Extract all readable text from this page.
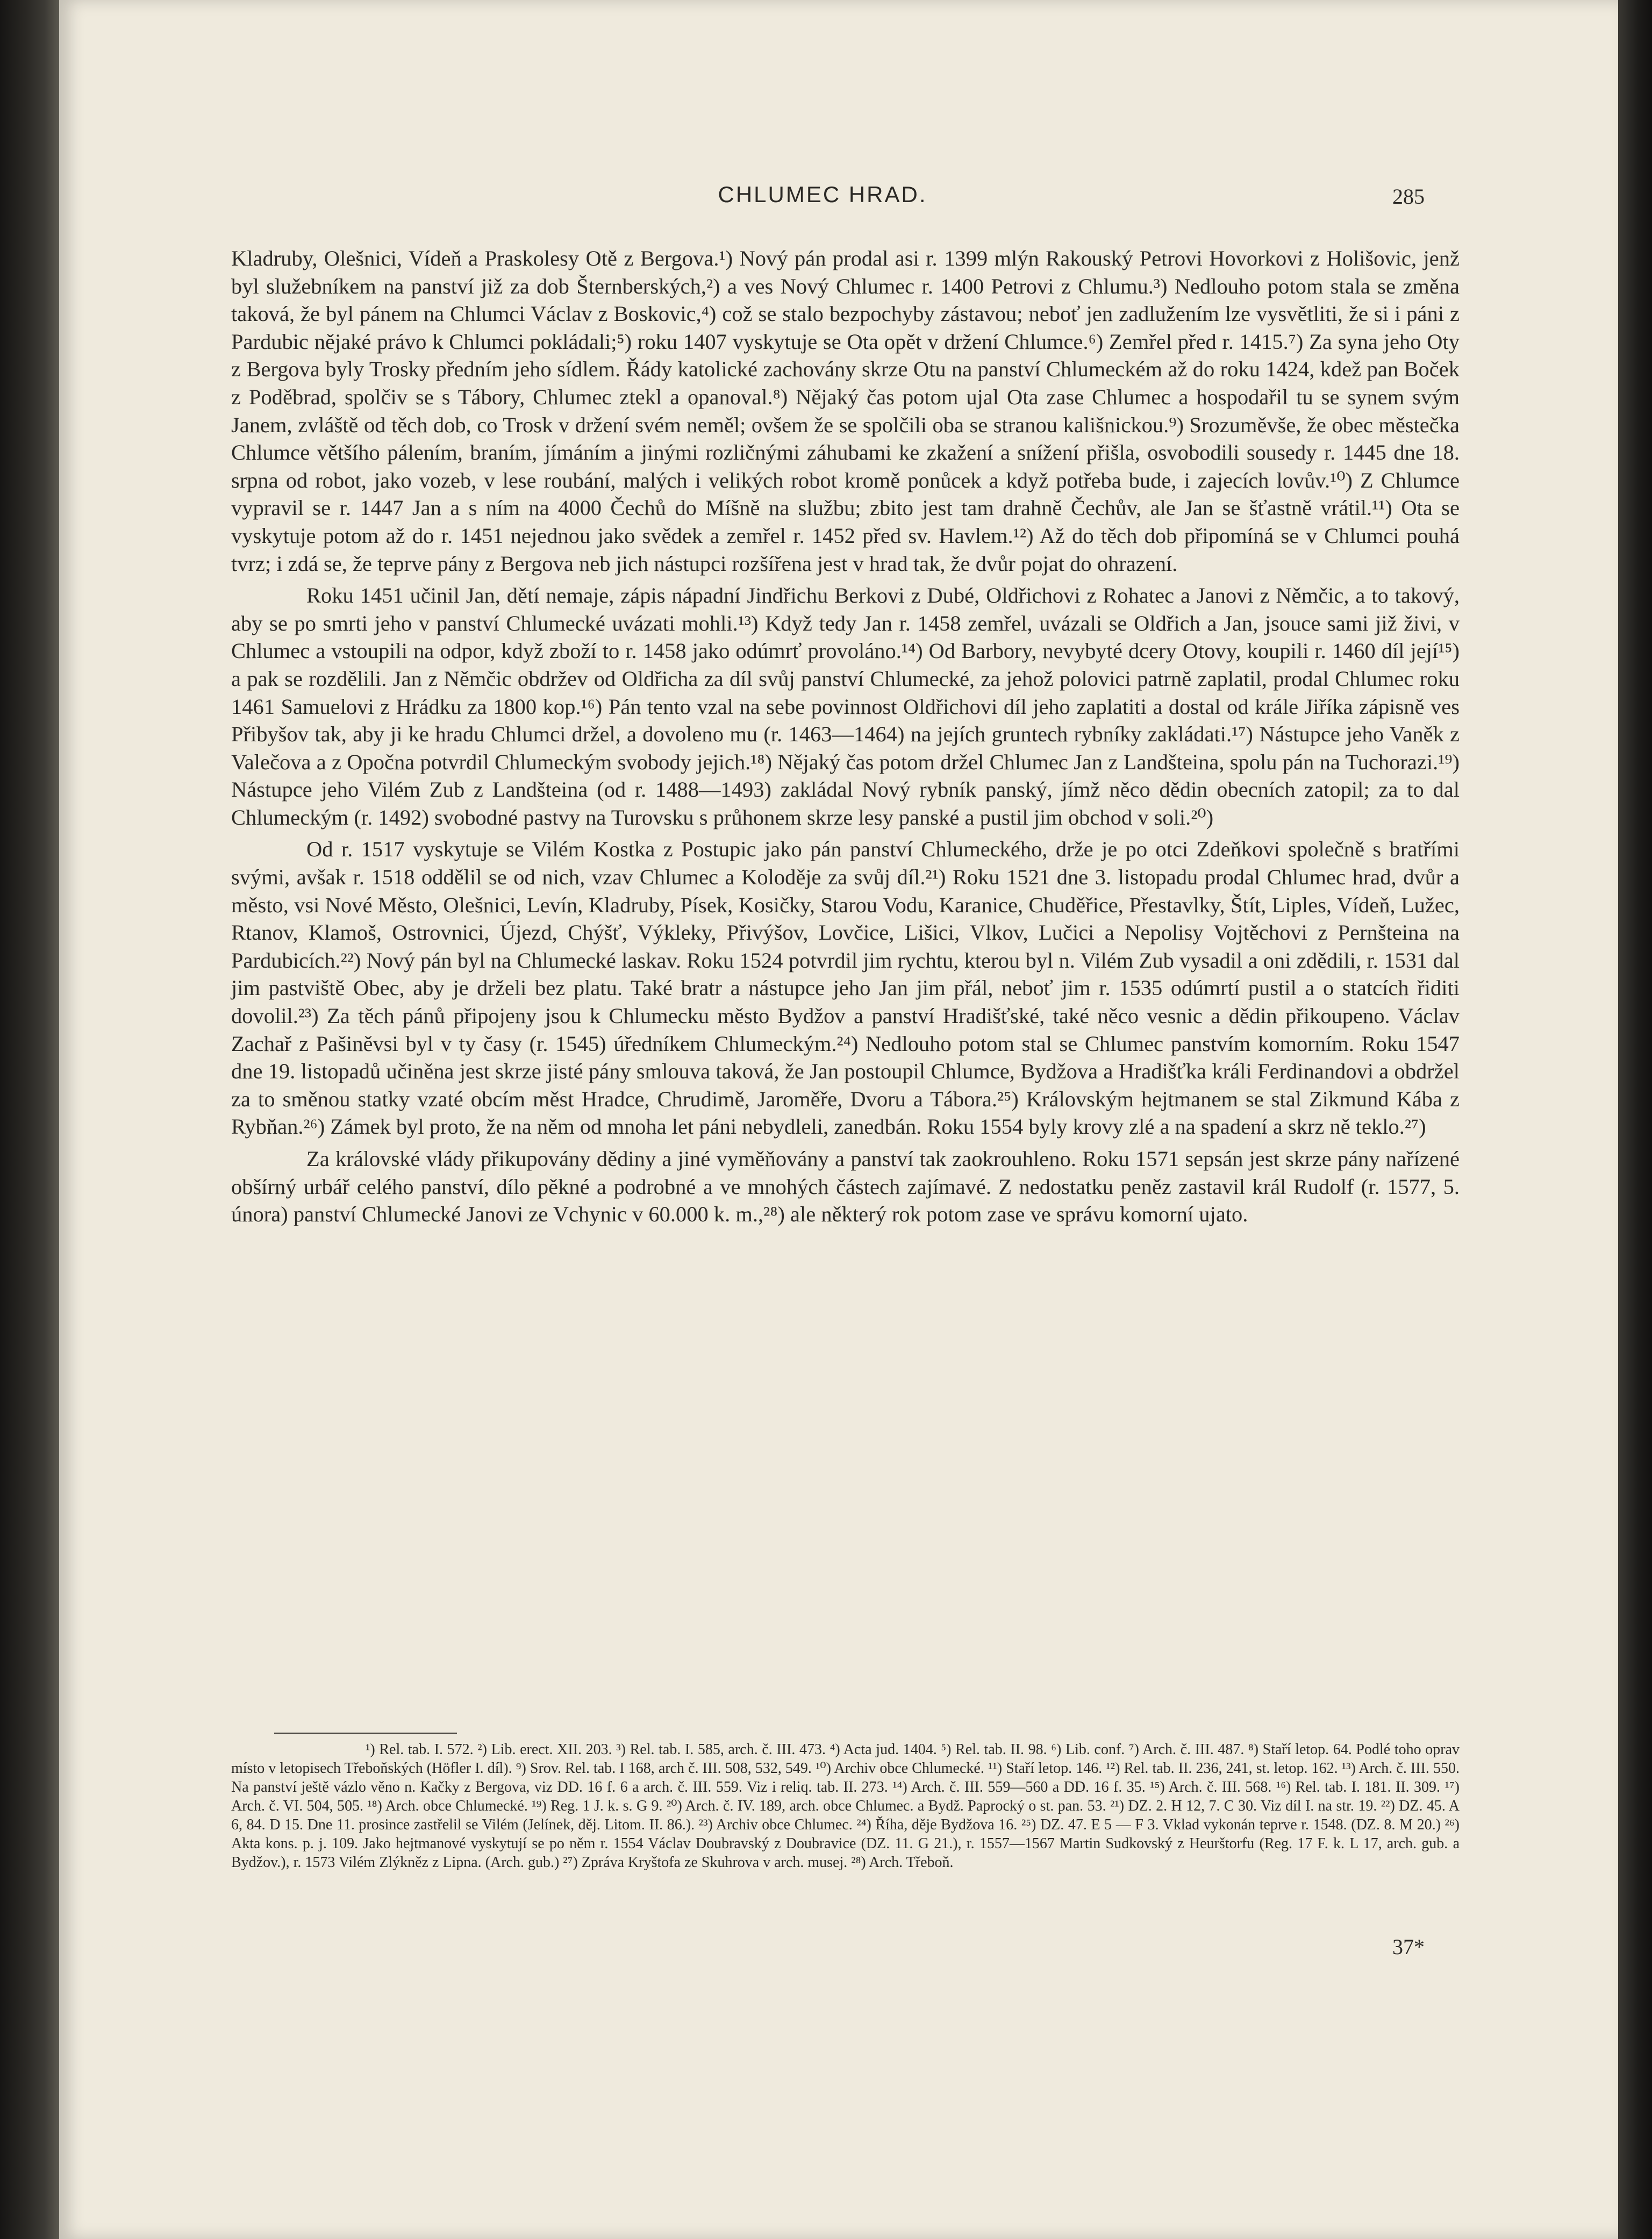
CHLUMEC HRAD.	285

Kladruby, Olešnici, Vídeň a Praskolesy Otě z Bergova.¹) Nový pán prodal asi r. 1399 mlýn Rakouský Petrovi Hovorkovi z Holišovic, jenž byl služebníkem na panství již za dob Šternberských,²) a ves Nový Chlumec r. 1400 Petrovi z Chlumu.³) Nedlouho potom stala se změna taková, že byl pánem na Chlumci Václav z Boskovic,⁴) což se stalo bezpochyby zástavou; neboť jen zadlužením lze vysvětliti, že si i páni z Pardubic nějaké právo k Chlumci pokládali;⁵) roku 1407 vyskytuje se Ota opět v držení Chlumce.⁶) Zemřel před r. 1415.⁷) Za syna jeho Oty z Bergova byly Trosky předním jeho sídlem. Řády katolické zachovány skrze Otu na panství Chlumeckém až do roku 1424, kdež pan Boček z Poděbrad, spolčiv se s Tábory, Chlumec ztekl a opanoval.⁸) Nějaký čas potom ujal Ota zase Chlumec a hospodařil tu se synem svým Janem, zvláště od těch dob, co Trosk v držení svém neměl; ovšem že se spolčili oba se stranou kališnickou.⁹) Srozuměvše, že obec městečka Chlumce většího pálením, braním, jímáním a jinými rozličnými záhubami ke zkažení a snížení přišla, osvobodili sousedy r. 1445 dne 18. srpna od robot, jako vozeb, v lese roubání, malých i velikých robot kromě ponůcek a když potřeba bude, i zajecích lovův.¹⁰) Z Chlumce vypravil se r. 1447 Jan a s ním na 4000 Čechů do Míšně na službu; zbito jest tam drahně Čechův, ale Jan se šťastně vrátil.¹¹) Ota se vyskytuje potom až do r. 1451 nejednou jako svědek a zemřel r. 1452 před sv. Havlem.¹²) Až do těch dob připomíná se v Chlumci pouhá tvrz; i zdá se, že teprve pány z Bergova neb jich nástupci rozšířena jest v hrad tak, že dvůr pojat do ohrazení.

Roku 1451 učinil Jan, dětí nemaje, zápis nápadní Jindřichu Berkovi z Dubé, Oldřichovi z Rohatec a Janovi z Němčic, a to takový, aby se po smrti jeho v panství Chlumecké uvázati mohli.¹³) Když tedy Jan r. 1458 zemřel, uvázali se Oldřich a Jan, jsouce sami již živi, v Chlumec a vstoupili na odpor, když zboží to r. 1458 jako odúmrť provoláno.¹⁴) Od Barbory, nevybyté dcery Otovy, koupili r. 1460 díl její¹⁵) a pak se rozdělili. Jan z Němčic obdržev od Oldřicha za díl svůj panství Chlumecké, za jehož polovici patrně zaplatil, prodal Chlumec roku 1461 Samuelovi z Hrádku za 1800 kop.¹⁶) Pán tento vzal na sebe povinnost Oldřichovi díl jeho zaplatiti a dostal od krále Jiříka zápisně ves Přibyšov tak, aby ji ke hradu Chlumci držel, a dovoleno mu (r. 1463—1464) na jejích gruntech rybníky zakládati.¹⁷) Nástupce jeho Vaněk z Valečova a z Opočna potvrdil Chlumeckým svobody jejich.¹⁸) Nějaký čas potom držel Chlumec Jan z Landšteina, spolu pán na Tuchorazi.¹⁹) Nástupce jeho Vilém Zub z Landšteina (od r. 1488—1493) zakládal Nový rybník panský, jímž něco dědin obecních zatopil; za to dal Chlumeckým (r. 1492) svobodné pastvy na Turovsku s průhonem skrze lesy panské a pustil jim obchod v soli.²⁰)

Od r. 1517 vyskytuje se Vilém Kostka z Postupic jako pán panství Chlumeckého, drže je po otci Zdeňkovi společně s bratřími svými, avšak r. 1518 oddělil se od nich, vzav Chlumec a Koloděje za svůj díl.²¹) Roku 1521 dne 3. listopadu prodal Chlumec hrad, dvůr a město, vsi Nové Město, Olešnici, Levín, Kladruby, Písek, Kosičky, Starou Vodu, Karanice, Chuděřice, Přestavlky, Štít, Liples, Vídeň, Lužec, Rtanov, Klamoš, Ostrovnici, Újezd, Chýšť, Výkleky, Přivýšov, Lovčice, Lišici, Vlkov, Lučici a Nepolisy Vojtěchovi z Pernšteina na Pardubicích.²²) Nový pán byl na Chlumecké laskav. Roku 1524 potvrdil jim rychtu, kterou byl n. Vilém Zub vysadil a oni zdědili, r. 1531 dal jim pastviště Obec, aby je drželi bez platu. Také bratr a nástupce jeho Jan jim přál, neboť jim r. 1535 odúmrtí pustil a o statcích řiditi dovolil.²³) Za těch pánů připojeny jsou k Chlumecku město Bydžov a panství Hradišťské, také něco vesnic a dědin přikoupeno. Václav Zachař z Pašiněvsi byl v ty časy (r. 1545) úředníkem Chlumeckým.²⁴) Nedlouho potom stal se Chlumec panstvím komorním. Roku 1547 dne 19. listopadů učiněna jest skrze jisté pány smlouva taková, že Jan postoupil Chlumce, Bydžova a Hradišťka králi Ferdinandovi a obdržel za to směnou statky vzaté obcím měst Hradce, Chrudimě, Jaroměře, Dvoru a Tábora.²⁵) Královským hejtmanem se stal Zikmund Kába z Rybňan.²⁶) Zámek byl proto, že na něm od mnoha let páni nebydleli, zanedbán. Roku 1554 byly krovy zlé a na spadení a skrz ně teklo.²⁷)

Za královské vlády přikupovány dědiny a jiné vyměňovány a panství tak zaokrouhleno. Roku 1571 sepsán jest skrze pány nařízené obšírný urbář celého panství, dílo pěkné a podrobné a ve mnohých částech zajímavé. Z nedostatku peněz zastavil král Rudolf (r. 1577, 5. února) panství Chlumecké Janovi ze Vchynic v 60.000 k. m.,²⁸) ale některý rok potom zase ve správu komorní ujato.

¹) Rel. tab. I. 572. ²) Lib. erect. XII. 203. ³) Rel. tab. I. 585, arch. č. III. 473. ⁴) Acta jud. 1404. ⁵) Rel. tab. II. 98. ⁶) Lib. conf. ⁷) Arch. č. III. 487. ⁸) Staří letop. 64. Podlé toho oprav místo v letopisech Třeboňských (Höfler I. díl). ⁹) Srov. Rel. tab. I 168, arch č. III. 508, 532, 549. ¹⁰) Archiv obce Chlumecké. ¹¹) Staří letop. 146. ¹²) Rel. tab. II. 236, 241, st. letop. 162. ¹³) Arch. č. III. 550. Na panství ještě vázlo věno n. Kačky z Bergova, viz DD. 16 f. 6 a arch. č. III. 559. Viz i reliq. tab. II. 273. ¹⁴) Arch. č. III. 559—560 a DD. 16 f. 35. ¹⁵) Arch. č. III. 568. ¹⁶) Rel. tab. I. 181. II. 309. ¹⁷) Arch. č. VI. 504, 505. ¹⁸) Arch. obce Chlumecké. ¹⁹) Reg. 1 J. k. s. G 9. ²⁰) Arch. č. IV. 189, arch. obce Chlumec. a Bydž. Paprocký o st. pan. 53. ²¹) DZ. 2. H 12, 7. C 30. Viz díl I. na str. 19. ²²) DZ. 45. A 6, 84. D 15. Dne 11. prosince zastřelil se Vilém (Jelínek, děj. Litom. II. 86.). ²³) Archiv obce Chlumec. ²⁴) Říha, děje Bydžova 16. ²⁵) DZ. 47. E 5 — F 3. Vklad vykonán teprve r. 1548. (DZ. 8. M 20.) ²⁶) Akta kons. p. j. 109. Jako hejtmanové vyskytují se po něm r. 1554 Václav Doubravský z Doubravice (DZ. 11. G 21.), r. 1557—1567 Martin Sudkovský z Heurštorfu (Reg. 17 F. k. L 17, arch. gub. a Bydžov.), r. 1573 Vilém Zlýkněz z Lipna. (Arch. gub.) ²⁷) Zpráva Kryštofa ze Skuhrova v arch. musej. ²⁸) Arch. Třeboň.
37*
